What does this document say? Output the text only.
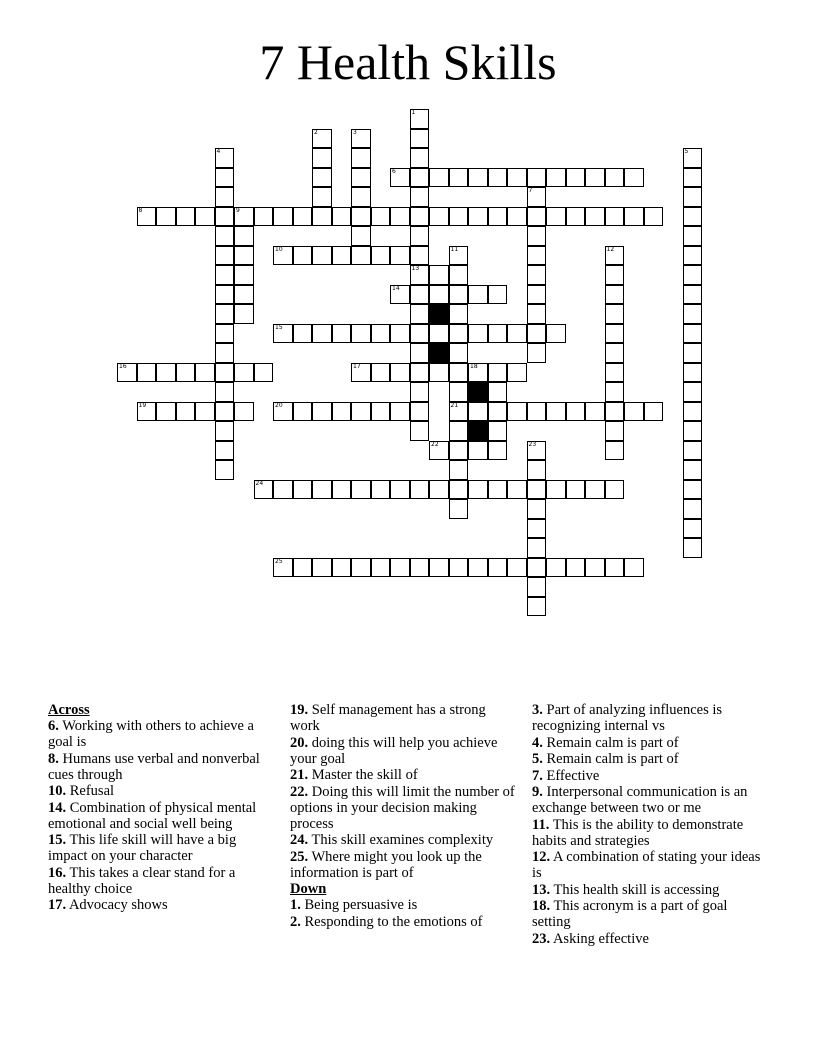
7 Health Skills
1
2	3
4	5
6
7
8	9
10	11	12
13
14
15
16	17	18
19	20	21
22	23
24
25
Across
6. Working with others to achieve a goal is
8. Humans use verbal and nonverbal cues through
10. Refusal
14. Combination of physical mental emotional and social well being
15. This life skill will have a big impact on your character
16. This takes a clear stand for a healthy choice
17. Advocacy shows
19. Self management has a strong work
20. doing this will help you achieve your goal
21. Master the skill of
22. Doing this will limit the number of options in your decision making process
24. This skill examines complexity
25. Where might you look up the information is part of
Down
1. Being persuasive is
2. Responding to the emotions of
3. Part of analyzing influences is recognizing internal vs
4. Remain calm is part of
5. Remain calm is part of
7. Effective
9. Interpersonal communication is an exchange between two or me
11. This is the ability to demonstrate habits and strategies
12. A combination of stating your ideas is
13. This health skill is accessing
18. This acronym is a part of goal setting
23. Asking effective
